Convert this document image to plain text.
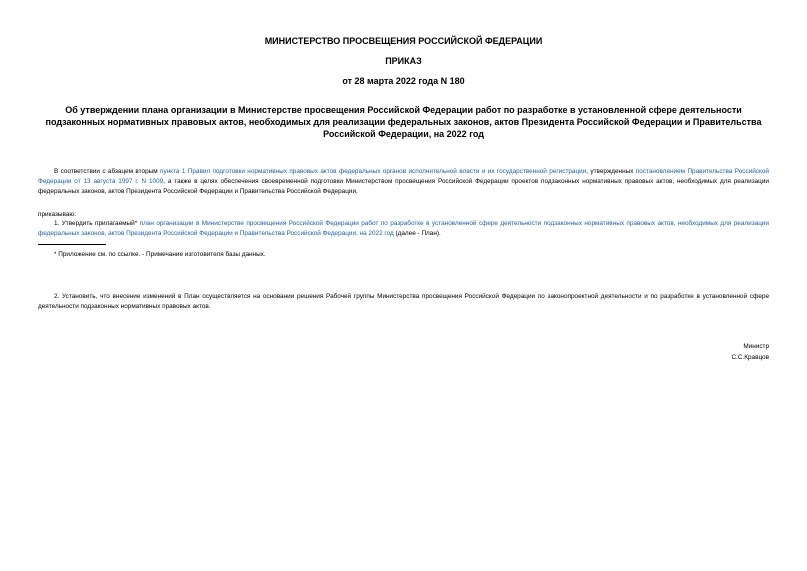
МИНИСТЕРСТВО ПРОСВЕЩЕНИЯ РОССИЙСКОЙ ФЕДЕРАЦИИ
ПРИКАЗ
от 28 марта 2022 года N 180
Об утверждении плана организации в Министерстве просвещения Российской Федерации работ по разработке в установленной сфере деятельности подзаконных нормативных правовых актов, необходимых для реализации федеральных законов, актов Президента Российской Федерации и Правительства Российской Федерации, на 2022 год
В соответствии с абзацем вторым пункта 1 Правил подготовки нормативных правовых актов федеральных органов исполнительной власти и их государственной регистрации, утвержденных постановлением Правительства Российской Федерации от 13 августа 1997 г. N 1009, а также в целях обеспечения своевременной подготовки Министерством просвещения Российской Федерации проектов подзаконных нормативных правовых актов, необходимых для реализации федеральных законов, актов Президента Российской Федерации и Правительства Российской Федерации,
приказываю:
1. Утвердить прилагаемый* план организации в Министерстве просвещения Российской Федерации работ по разработке в установленной сфере деятельности подзаконных нормативных правовых актов, необходимых для реализации федеральных законов, актов Президента Российской Федерации и Правительства Российской Федерации, на 2022 год (далее - План).
* Приложение см. по ссылке. - Примечание изготовителя базы данных.
2. Установить, что внесение изменений в План осуществляется на основании решения Рабочей группы Министерства просвещения Российской Федерации по законопроектной деятельности и по разработке в установленной сфере деятельности подзаконных нормативных правовых актов.
Министр
С.С.Кравцов
